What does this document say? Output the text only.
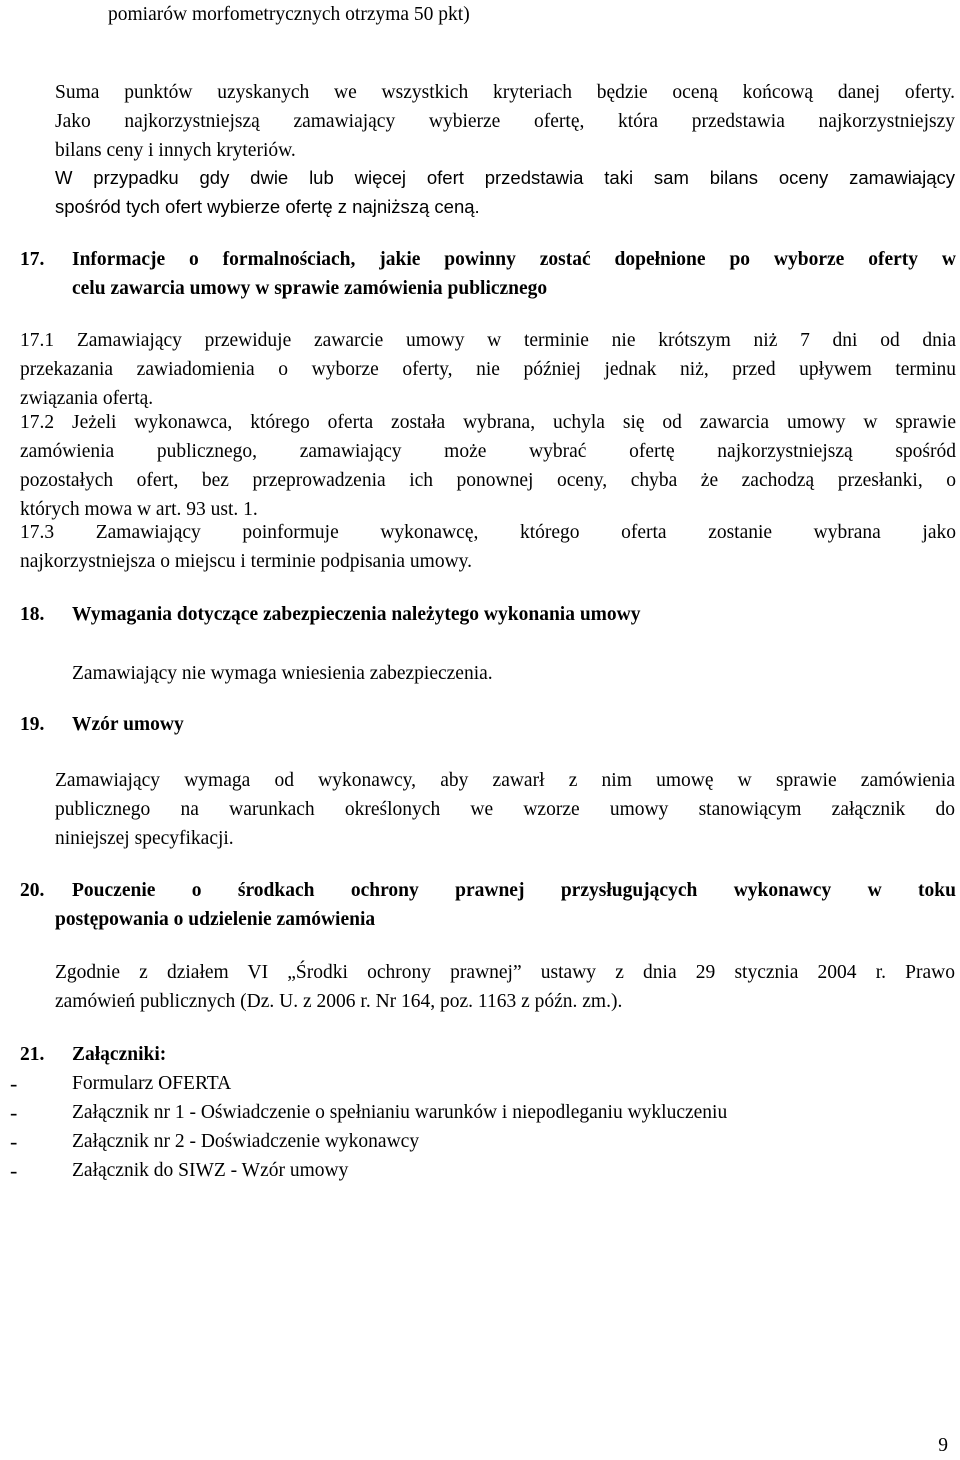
pomiarów morfometrycznych otrzyma 50 pkt)
Suma punktów uzyskanych we wszystkich kryteriach będzie oceną końcową danej oferty.
Jako najkorzystniejszą zamawiający wybierze ofertę, która przedstawia najkorzystniejszy
bilans ceny i innych kryteriów.
W przypadku gdy dwie lub więcej ofert przedstawia taki sam bilans oceny zamawiający
spośród tych ofert wybierze ofertę z najniższą ceną.
17. Informacje o formalnościach, jakie powinny zostać dopełnione po wyborze oferty w
celu zawarcia umowy w sprawie zamówienia publicznego
17.1 Zamawiający przewiduje zawarcie umowy w terminie nie krótszym niż 7 dni od dnia
przekazania zawiadomienia o wyborze oferty, nie później jednak niż, przed upływem terminu
związania ofertą.
17.2 Jeżeli wykonawca, którego oferta została wybrana, uchyla się od zawarcia umowy w sprawie
zamówienia publicznego, zamawiający może wybrać ofertę najkorzystniejszą spośród
pozostałych ofert, bez przeprowadzenia ich ponownej oceny, chyba że zachodzą przesłanki, o
których mowa w art. 93 ust. 1.
17.3 Zamawiający poinformuje wykonawcę, którego oferta zostanie wybrana jako
najkorzystniejsza o miejscu i terminie podpisania umowy.
18. Wymagania dotyczące zabezpieczenia należytego wykonania umowy
Zamawiający nie wymaga wniesienia zabezpieczenia.
19. Wzór umowy
Zamawiający wymaga od wykonawcy, aby zawarł z nim umowę w sprawie zamówienia
publicznego na warunkach określonych we wzorze umowy stanowiącym załącznik do
niniejszej specyfikacji.
20. Pouczenie o środkach ochrony prawnej przysługujących wykonawcy w toku
postępowania o udzielenie zamówienia
Zgodnie z działem VI „Środki ochrony prawnej” ustawy z dnia 29 stycznia 2004 r. Prawo
zamówień publicznych (Dz. U. z 2006 r. Nr 164, poz. 1163 z późn. zm.).
21. Załączniki:
-	Formularz OFERTA
-	Załącznik nr 1 - Oświadczenie o spełnianiu warunków i niepodleganiu wykluczeniu
-	Załącznik nr 2 - Doświadczenie wykonawcy
-	Załącznik do SIWZ - Wzór umowy
9
